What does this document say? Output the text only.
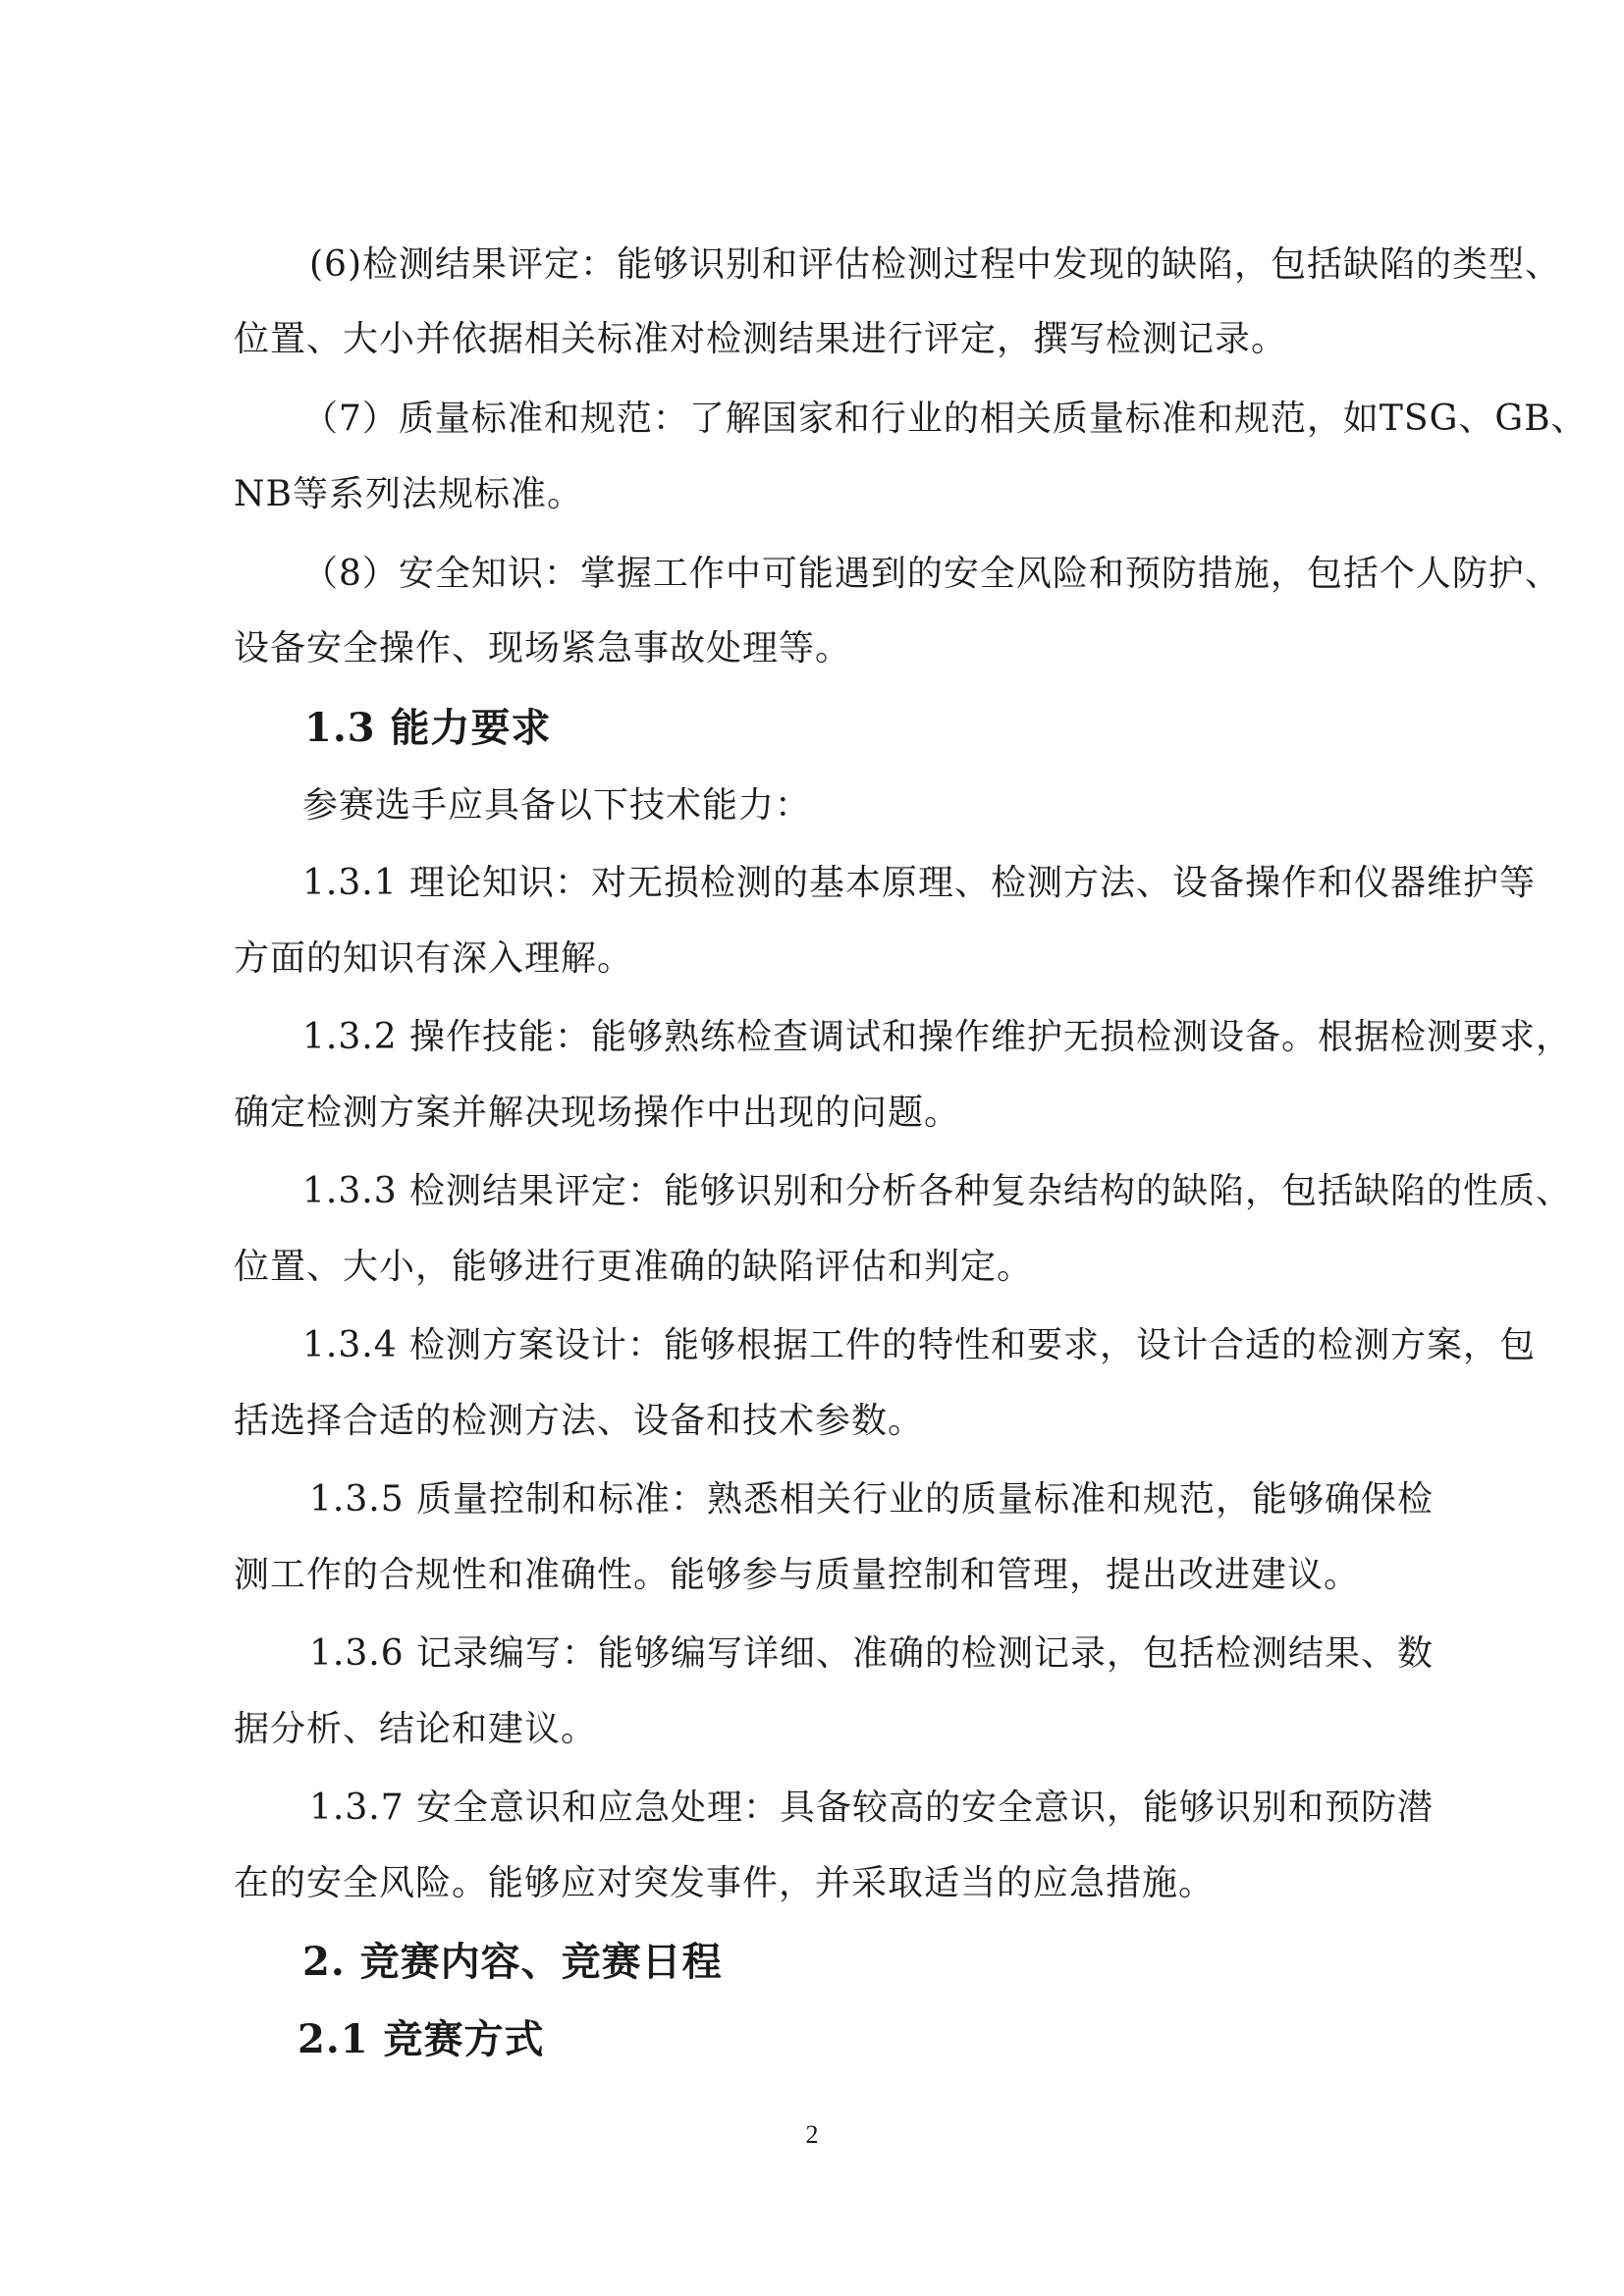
(6)检测结果评定：能够识别和评估检测过程中发现的缺陷，包括缺陷的类型、
位置、大小并依据相关标准对检测结果进行评定，撰写检测记录。
（7）质量标准和规范：了解国家和行业的相关质量标准和规范，如TSG、GB、
NB等系列法规标准。
（8）安全知识：掌握工作中可能遇到的安全风险和预防措施，包括个人防护、
设备安全操作、现场紧急事故处理等。
1.3 能力要求
参赛选手应具备以下技术能力：
1.3.1 理论知识：对无损检测的基本原理、检测方法、设备操作和仪器维护等
方面的知识有深入理解。
1.3.2 操作技能：能够熟练检查调试和操作维护无损检测设备。根据检测要求，
确定检测方案并解决现场操作中出现的问题。
1.3.3 检测结果评定：能够识别和分析各种复杂结构的缺陷，包括缺陷的性质、
位置、大小，能够进行更准确的缺陷评估和判定。
1.3.4 检测方案设计：能够根据工件的特性和要求，设计合适的检测方案，包
括选择合适的检测方法、设备和技术参数。
1.3.5 质量控制和标准：熟悉相关行业的质量标准和规范，能够确保检
测工作的合规性和准确性。能够参与质量控制和管理，提出改进建议。
1.3.6 记录编写：能够编写详细、准确的检测记录，包括检测结果、数
据分析、结论和建议。
1.3.7 安全意识和应急处理：具备较高的安全意识，能够识别和预防潜
在的安全风险。能够应对突发事件，并采取适当的应急措施。
2. 竞赛内容、竞赛日程
2.1 竞赛方式
2
